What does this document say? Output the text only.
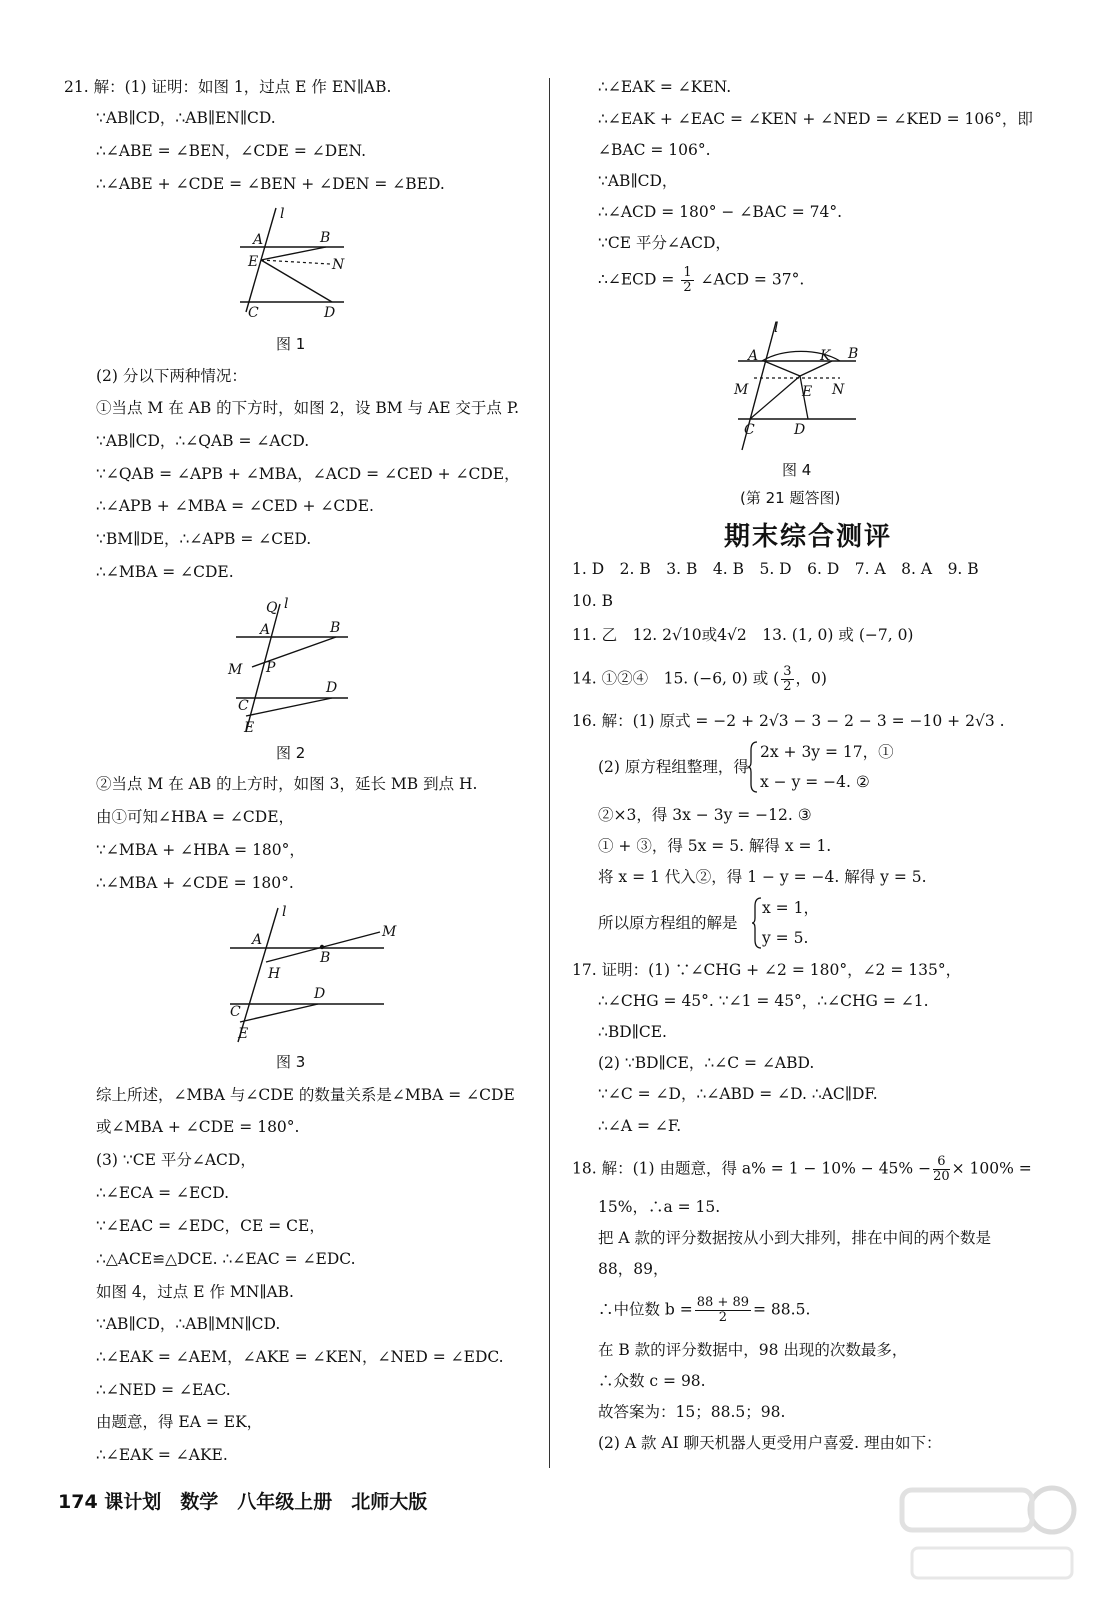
21. 解：(1) 证明：如图 1，过点 E 作 EN∥AB.
∵AB∥CD，∴AB∥EN∥CD.
∴∠ABE = ∠BEN，∠CDE = ∠DEN.
∴∠ABE + ∠CDE = ∠BEN + ∠DEN = ∠BED.
l
A	B
E	N
C	D
图 1
(2) 分以下两种情况：
①当点 M 在 AB 的下方时，如图 2，设 BM 与 AE 交于点 P.
∵AB∥CD，∴∠QAB = ∠ACD.
∵∠QAB = ∠APB + ∠MBA，∠ACD = ∠CED + ∠CDE，
∴∠APB + ∠MBA = ∠CED + ∠CDE.
∵BM∥DE，∴∠APB = ∠CED.
∴∠MBA = ∠CDE.
Q l
A	B
M P
D
C
E
图 2
②当点 M 在 AB 的上方时，如图 3，延长 MB 到点 H.
由①可知∠HBA = ∠CDE，
∵∠MBA + ∠HBA = 180°，
∴∠MBA + ∠CDE = 180°.
l
A	M
H
B
D
C
E
图 3
综上所述，∠MBA 与∠CDE 的数量关系是∠MBA = ∠CDE
或∠MBA + ∠CDE = 180°.
(3) ∵CE 平分∠ACD，
∴∠ECA = ∠ECD.
∵∠EAC = ∠EDC，CE = CE，
∴△ACE≌△DCE. ∴∠EAC = ∠EDC.
如图 4，过点 E 作 MN∥AB.
∵AB∥CD，∴AB∥MN∥CD.
∴∠EAK = ∠AEM，∠AKE = ∠KEN，∠NED = ∠EDC.
∴∠NED = ∠EAC.
由题意，得 EA = EK，
∴∠EAK = ∠AKE.
∴∠EAK = ∠KEN.
∴∠EAK + ∠EAC = ∠KEN + ∠NED = ∠KED = 106°，即
∠BAC = 106°.
∵AB∥CD，
∴∠ACD = 180° − ∠BAC = 74°.
∵CE 平分∠ACD，
∴∠ECD = $\frac{1}{2}$ ∠ACD = 37°.
l
A	K B
M	N
E
C	D
图 4
(第 21 题答图)
期末综合测评
1. D　2. B　3. B　4. B　5. D　6. D　7. A　8. A　9. B
10. B
11. 乙　12. 2√10或4√2　13. (1, 0) 或 (−7, 0)
14. ①②④　15. (−6, 0) 或 ( $\frac{3}{2}$ ，0)
16. 解：(1) 原式 = −2 + 2√3 − 3 − 2 − 3 = −10 + 2√3 .
(2) 原方程组整理，得
2x + 3y = 17，①
x − y = −4. ②
②×3，得 3x − 3y = −12. ③
① + ③，得 5x = 5. 解得 x = 1.
将 x = 1 代入②，得 1 − y = −4. 解得 y = 5.
所以原方程组的解是
x = 1，
y = 5.
17. 证明：(1) ∵∠CHG + ∠2 = 180°，∠2 = 135°，
∴∠CHG = 45°. ∵∠1 = 45°，∴∠CHG = ∠1.
∴BD∥CE.
(2) ∵BD∥CE，∴∠C = ∠ABD.
∵∠C = ∠D，∴∠ABD = ∠D. ∴AC∥DF.
∴∠A = ∠F.
18. 解：(1) 由题意，得 $a\% = 1 - 10\% - 45\% - \frac{6}{20} \times 100\%$ =
15%，∴a = 15.
把 A 款的评分数据按从小到大排列，排在中间的两个数是
88，89，
∴中位数 $b = \frac{88 + 89}{2} = 88.5$.
在 B 款的评分数据中，98 出现的次数最多，
∴众数 c = 98.
故答案为：15；88.5；98.
(2) A 款 AI 聊天机器人更受用户喜爱. 理由如下：
174 课计划　数学　八年级上册　北师大版
